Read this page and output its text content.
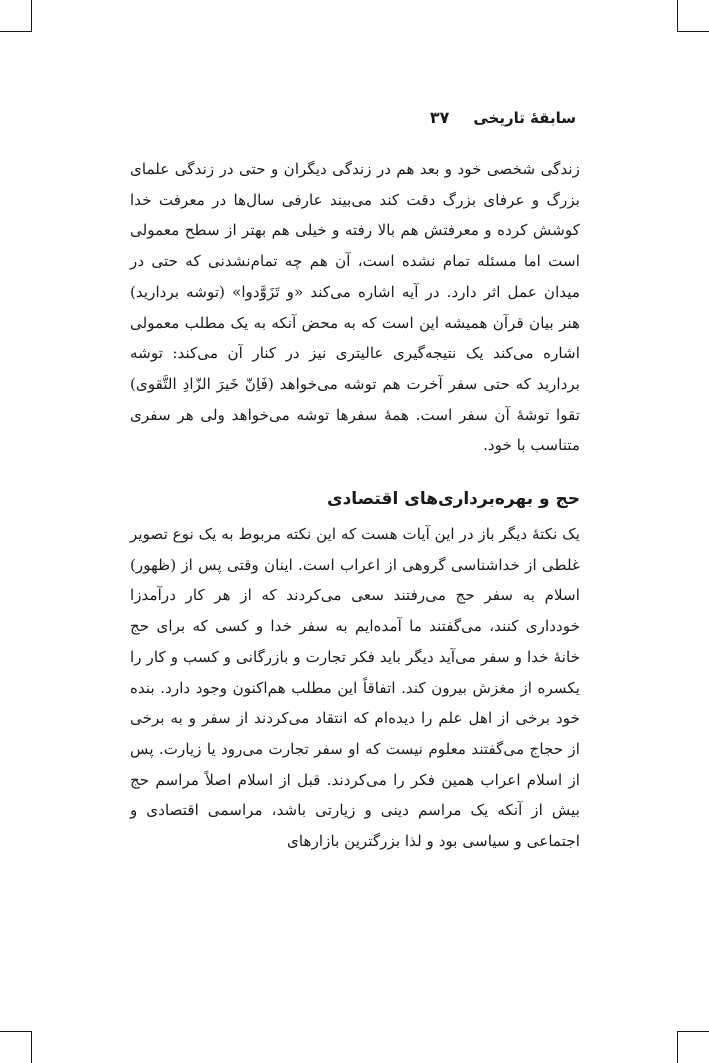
سابقهٔ تاریخی
۳۷

زندگی شخصی خود و بعد هم در زندگی دیگران و حتی در زندگی علمای بزرگ و عرفای بزرگ دقت کند می‌بیند عارفی سال‌ها در معرفت خدا کوشش کرده و معرفتش هم بالا رفته و خیلی هم بهتر از سطح معمولی است اما مسئله تمام نشده است، آن هم چه تمام‌نشدنی که حتی در میدان عمل اثر دارد. در آیه اشاره می‌کند «و تَزَوَّدوا» (توشه بردارید) هنر بیان قرآن همیشه این است که به محض آنکه به یک مطلب معمولی اشاره می‌کند یک نتیجه‌گیری عالیتری نیز در کنار آن می‌کند: توشه بردارید که حتی سفر آخرت هم توشه می‌خواهد (فَاِنّ خَیرَ الزّادِ التَّقوی) تقوا توشهٔ آن سفر است. همهٔ سفرها توشه می‌خواهد ولی هر سفری متناسب با خود.

حج و بهره‌برداری‌های اقتصادی

یک نکتهٔ دیگر باز در این آیات هست که این نکته مربوط به یک نوع تصویر غلطی از خداشناسی گروهی از اعراب است. اینان وقتی پس از (ظهور) اسلام به سفر حج می‌رفتند سعی می‌کردند که از هر کار درآمدزا خودداری کنند، می‌گفتند ما آمده‌ایم به سفر خدا و کسی که برای حج خانهٔ خدا و سفر می‌آید دیگر باید فکر تجارت و بازرگانی و کسب و کار را یکسره از مغزش بیرون کند. اتفاقاً این مطلب هم‌اکنون وجود دارد. بنده خود برخی از اهل علم را دیده‌ام که انتقاد می‌کردند از سفر و به برخی از حجاج می‌گفتند معلوم نیست که او سفر تجارت می‌رود یا زیارت. پس از اسلام اعراب همین فکر را می‌کردند. قبل از اسلام اصلاً مراسم حج بیش از آنکه یک مراسم دینی و زیارتی باشد، مراسمی اقتصادی و اجتماعی و سیاسی بود و لذا بزرگترین بازارهای
